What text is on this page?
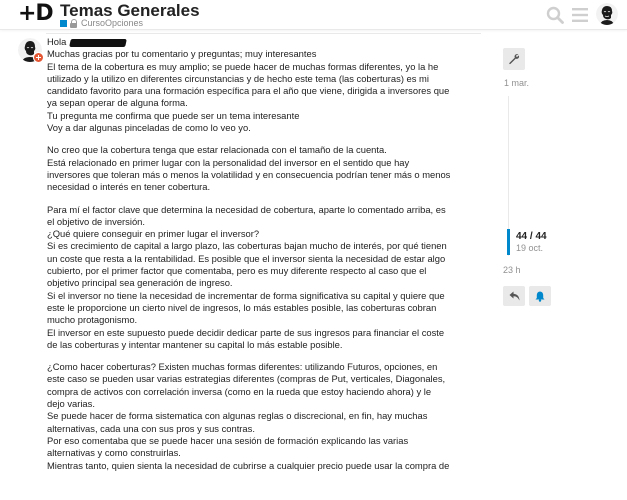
+D Temas Generales
CursoOpciones

Hola
Muchas gracias por tu comentario y preguntas; muy interesantes
El tema de la cobertura es muy amplio; se puede hacer de muchas formas diferentes, yo la he
utilizado y la utilizo en diferentes circunstancias y de hecho este tema (las coberturas) es mi
candidato favorito para una formación específica para el año que viene, dirigida a inversores que
ya sepan operar de alguna forma.
Tu pregunta me confirma que puede ser un tema interesante
Voy a dar algunas pinceladas de como lo veo yo.

No creo que la cobertura tenga que estar relacionada con el tamaño de la cuenta.
Está relacionado en primer lugar con la personalidad del inversor en el sentido que hay
inversores que toleran más o menos la volatilidad y en consecuencia podrían tener más o menos
necesidad o interés en tener cobertura.

Para mí el factor clave que determina la necesidad de cobertura, aparte lo comentado arriba, es
el objetivo de inversión.
¿Qué quiere conseguir en primer lugar el inversor?
Si es crecimiento de capital a largo plazo, las coberturas bajan mucho de interés, por qué tienen
un coste que resta a la rentabilidad. Es posible que el inversor sienta la necesidad de estar algo
cubierto, por el primer factor que comentaba, pero es muy diferente respecto al caso que el
objetivo principal sea generación de ingreso.
Si el inversor no tiene la necesidad de incrementar de forma significativa su capital y quiere que
este le proporcione un cierto nivel de ingresos, lo más estables posible, las coberturas cobran
mucho protagonismo.
El inversor en este supuesto puede decidir dedicar parte de sus ingresos para financiar el coste
de las coberturas y intentar mantener su capital lo más estable posible.

¿Como hacer coberturas? Existen muchas formas diferentes: utilizando Futuros, opciones, en
este caso se pueden usar varias estrategias diferentes (compras de Put, verticales, Diagonales,
compra de activos con correlación inversa (como en la rueda que estoy haciendo ahora) y le
dejo varias.
Se puede hacer de forma sistematica con algunas reglas o discrecional, en fin, hay muchas
alternativas, cada una con sus pros y sus contras.
Por eso comentaba que se puede hacer una sesión de formación explicando las varias
alternativas y como construirlas.
Mientras tanto, quien sienta la necesidad de cubrirse a cualquier precio puede usar la compra de

1 mar.
44 / 44
19 oct.
23 h
